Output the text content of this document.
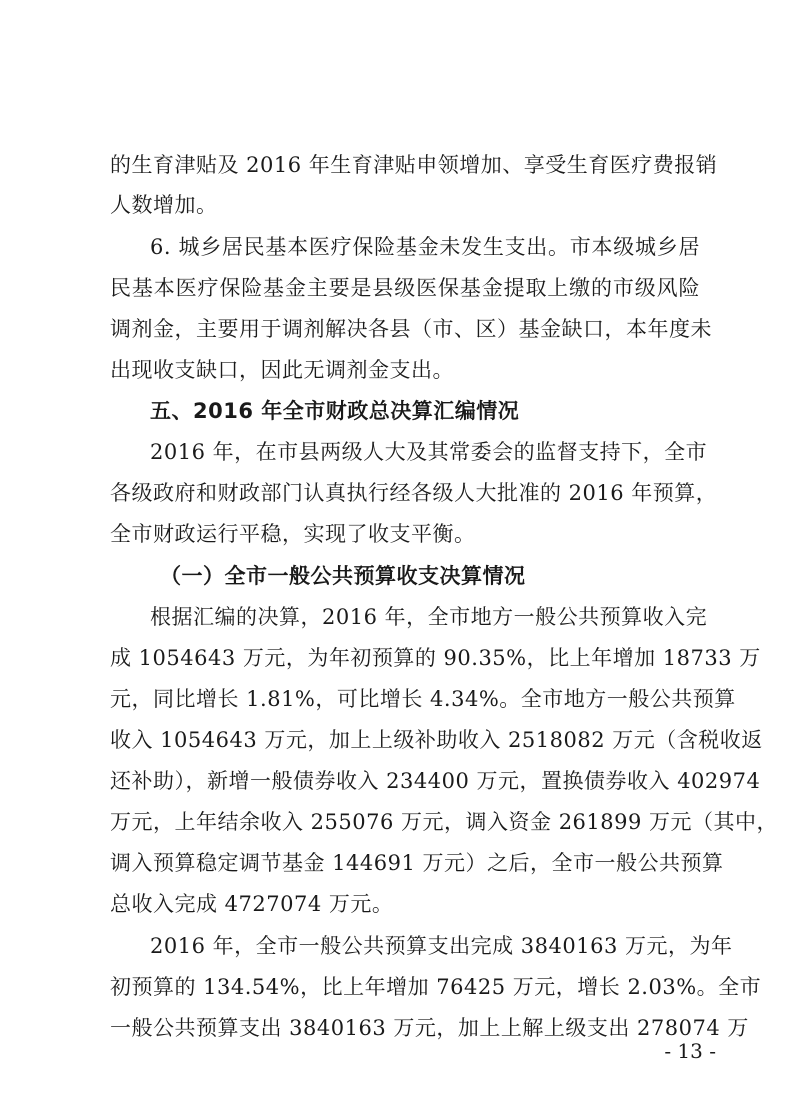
的生育津贴及 2016 年生育津贴申领增加、享受生育医疗费报销
人数增加。
6. 城乡居民基本医疗保险基金未发生支出。市本级城乡居
民基本医疗保险基金主要是县级医保基金提取上缴的市级风险
调剂金，主要用于调剂解决各县（市、区）基金缺口，本年度未
出现收支缺口，因此无调剂金支出。
五、2016 年全市财政总决算汇编情况
2016 年，在市县两级人大及其常委会的监督支持下，全市
各级政府和财政部门认真执行经各级人大批准的 2016 年预算，
全市财政运行平稳，实现了收支平衡。
（一）全市一般公共预算收支决算情况
根据汇编的决算，2016 年，全市地方一般公共预算收入完
成 1054643 万元，为年初预算的 90.35%，比上年增加 18733 万
元，同比增长 1.81%，可比增长 4.34%。全市地方一般公共预算
收入 1054643 万元，加上上级补助收入 2518082 万元（含税收返
还补助），新增一般债券收入 234400 万元，置换债券收入 402974
万元，上年结余收入 255076 万元，调入资金 261899 万元（其中，
调入预算稳定调节基金 144691 万元）之后，全市一般公共预算
总收入完成 4727074 万元。
2016 年，全市一般公共预算支出完成 3840163 万元，为年
初预算的 134.54%，比上年增加 76425 万元，增长 2.03%。全市
一般公共预算支出 3840163 万元，加上上解上级支出 278074 万
- 13 -
